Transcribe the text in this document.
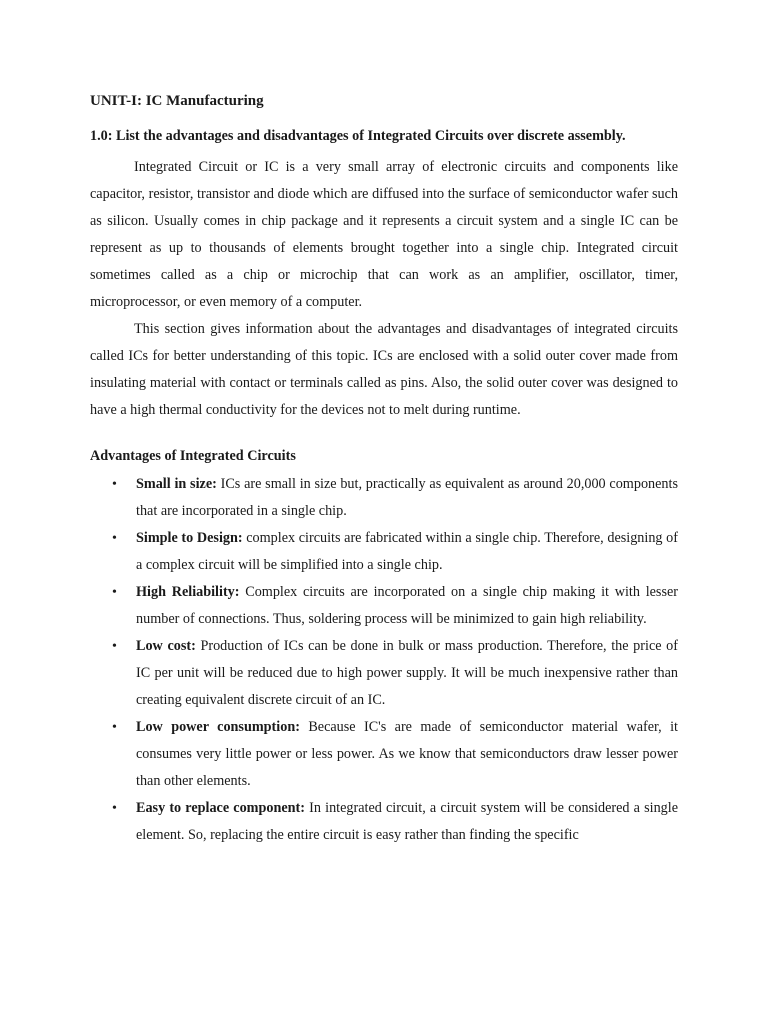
UNIT-I: IC Manufacturing
1.0: List the advantages and disadvantages of Integrated Circuits over discrete assembly.

Integrated Circuit or IC is a very small array of electronic circuits and components like capacitor, resistor, transistor and diode which are diffused into the surface of semiconductor wafer such as silicon. Usually comes in chip package and it represents a circuit system and a single IC can be represent as up to thousands of elements brought together into a single chip. Integrated circuit sometimes called as a chip or microchip that can work as an amplifier, oscillator, timer, microprocessor, or even memory of a computer.

This section gives information about the advantages and disadvantages of integrated circuits called ICs for better understanding of this topic. ICs are enclosed with a solid outer cover made from insulating material with contact or terminals called as pins. Also, the solid outer cover was designed to have a high thermal conductivity for the devices not to melt during runtime.

Advantages of Integrated Circuits
• Small in size: ICs are small in size but, practically as equivalent as around 20,000 components that are incorporated in a single chip.
• Simple to Design: complex circuits are fabricated within a single chip. Therefore, designing of a complex circuit will be simplified into a single chip.
• High Reliability: Complex circuits are incorporated on a single chip making it with lesser number of connections. Thus, soldering process will be minimized to gain high reliability.
• Low cost: Production of ICs can be done in bulk or mass production. Therefore, the price of IC per unit will be reduced due to high power supply. It will be much inexpensive rather than creating equivalent discrete circuit of an IC.
• Low power consumption: Because IC's are made of semiconductor material wafer, it consumes very little power or less power. As we know that semiconductors draw lesser power than other elements.
• Easy to replace component: In integrated circuit, a circuit system will be considered a single element. So, replacing the entire circuit is easy rather than finding the specific
